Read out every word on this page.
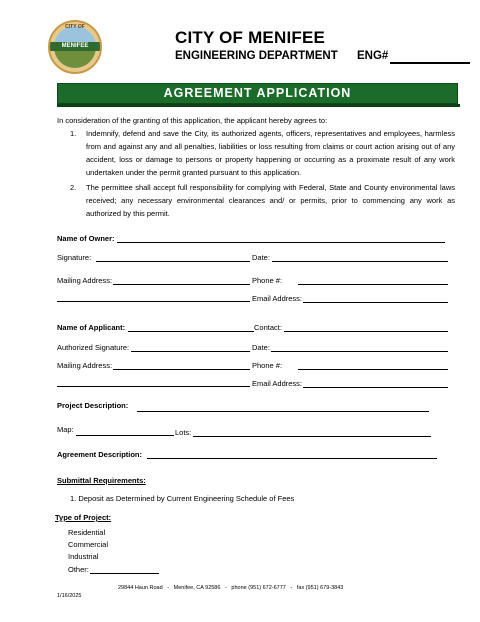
CITY OF
MENIFEE	CITY OF MENIFEE
ENGINEERING DEPARTMENT ENG#
AGREEMENT APPLICATION
In consideration of the granting of this application, the applicant hereby agrees to:
1.	Indemnify, defend and save the City, its authorized agents, officers, representatives and employees, harmless from and against any and all penalties, liabilities or loss resulting from claims or court action arising out of any accident, loss or damage to persons or property happening or occurring as a proximate result of any work undertaken under the permit granted pursuant to this application.
2.	The permittee shall accept full responsibility for complying with Federal, State and County environmental laws received; any necessary environmental clearances and/ or permits, prior to commencing any work as authorized by this permit.
Name of Owner:
Signature:	Date:
Mailing Address:	Phone #:
Email Address:
Name of Applicant:	Contact:
Authorized Signature:	Date:
Mailing Address:	Phone #:
Email Address:
Project Description:
Map:	Lots:
Agreement Description:
Submittal Requirements:
1. Deposit as Determined by Current Engineering Schedule of Fees
Type of Project:
Residential
Commercial
Industrial
Other:
1/16/2025
29844 Haun Road   -   Menifee, CA 92586   -   phone (951) 672-6777   -   fax (951) 679-3843
